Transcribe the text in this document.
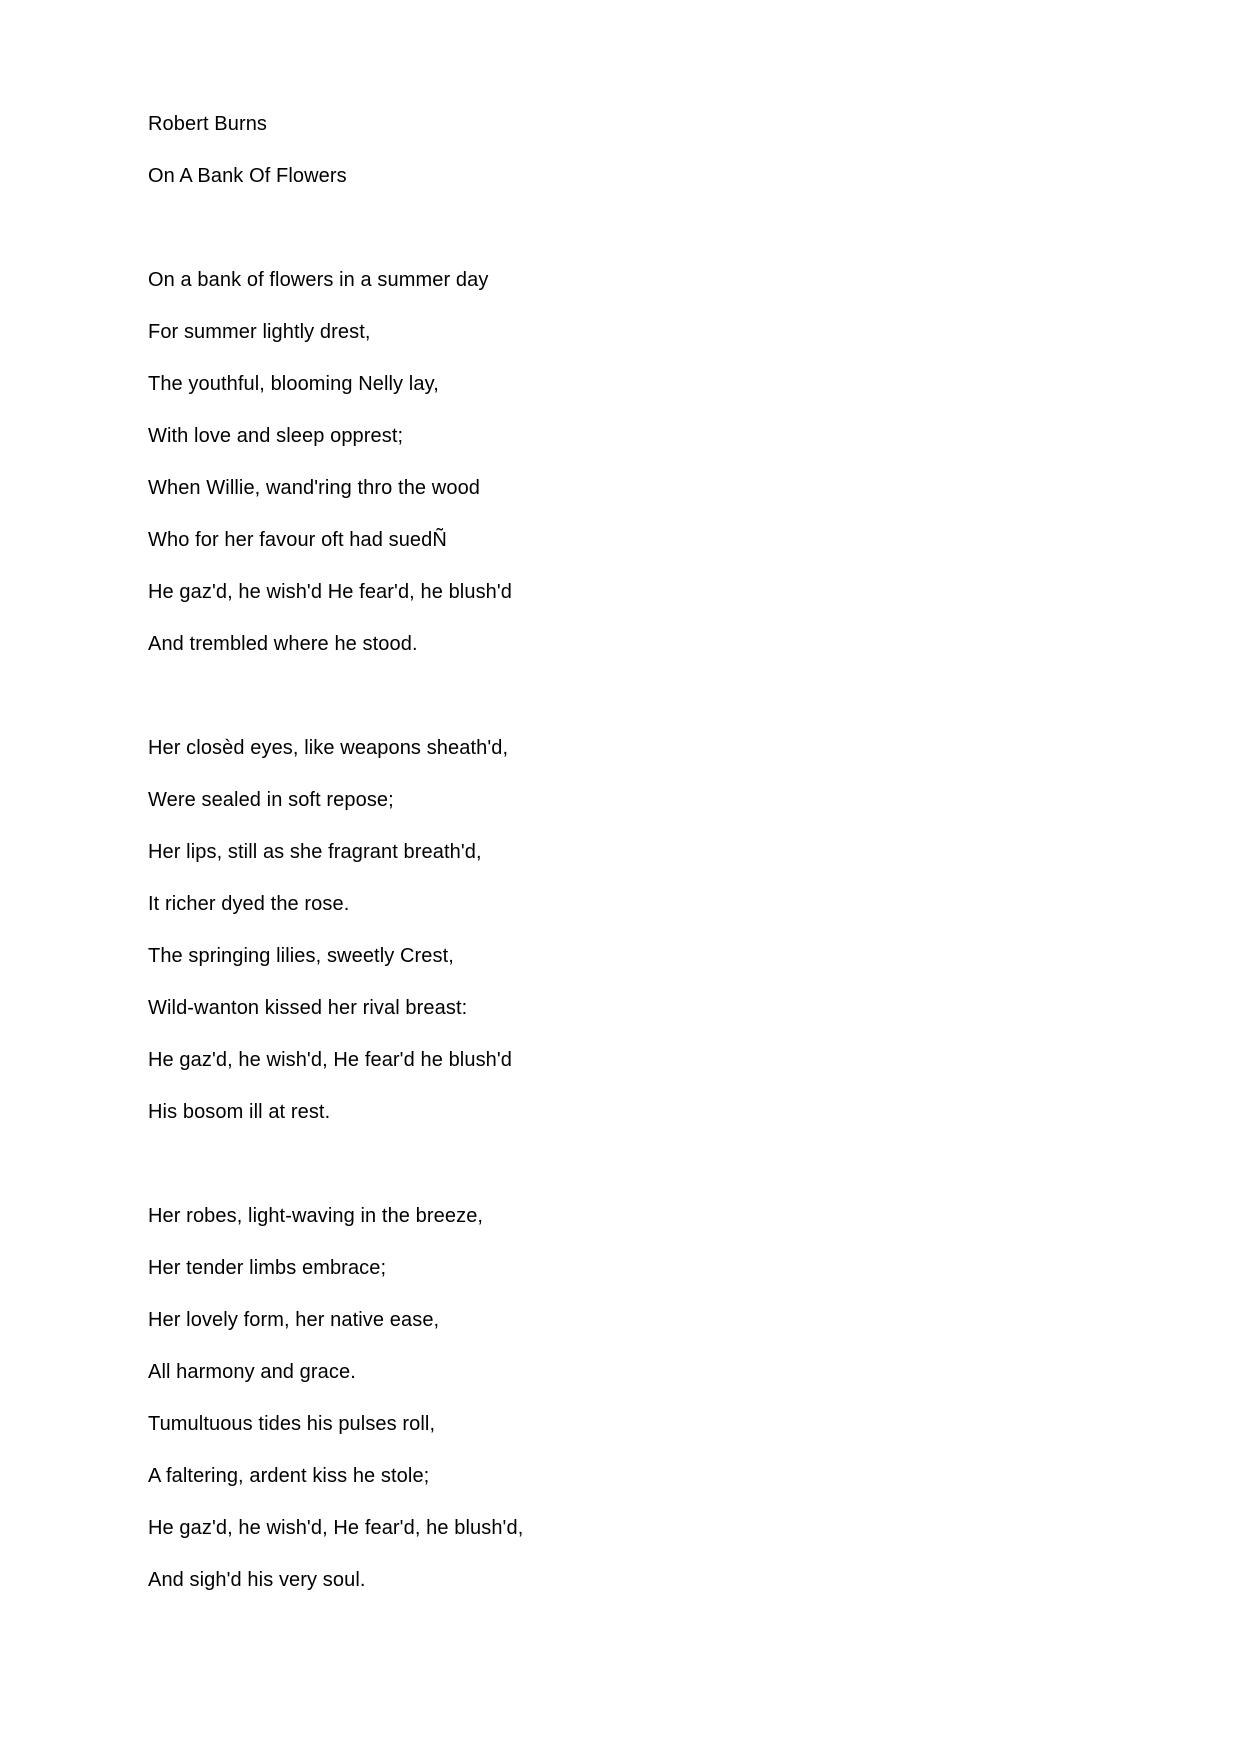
Robert Burns
On A Bank Of Flowers
On a bank of flowers in a summer day
For summer lightly drest,
The youthful, blooming Nelly lay,
With love and sleep opprest;
When Willie, wand'ring thro the wood
Who for her favour oft had suedÑ
He gaz'd, he wish'd He fear'd, he blush'd
And trembled where he stood.
Her closèd eyes, like weapons sheath'd,
Were sealed in soft repose;
Her lips, still as she fragrant breath'd,
It richer dyed the rose.
The springing lilies, sweetly Crest,
Wild-wanton kissed her rival breast:
He gaz'd, he wish'd, He fear'd he blush'd
His bosom ill at rest.
Her robes, light-waving in the breeze,
Her tender limbs embrace;
Her lovely form, her native ease,
All harmony and grace.
Tumultuous tides his pulses roll,
A faltering, ardent kiss he stole;
He gaz'd, he wish'd, He fear'd, he blush'd,
And sigh'd his very soul.
